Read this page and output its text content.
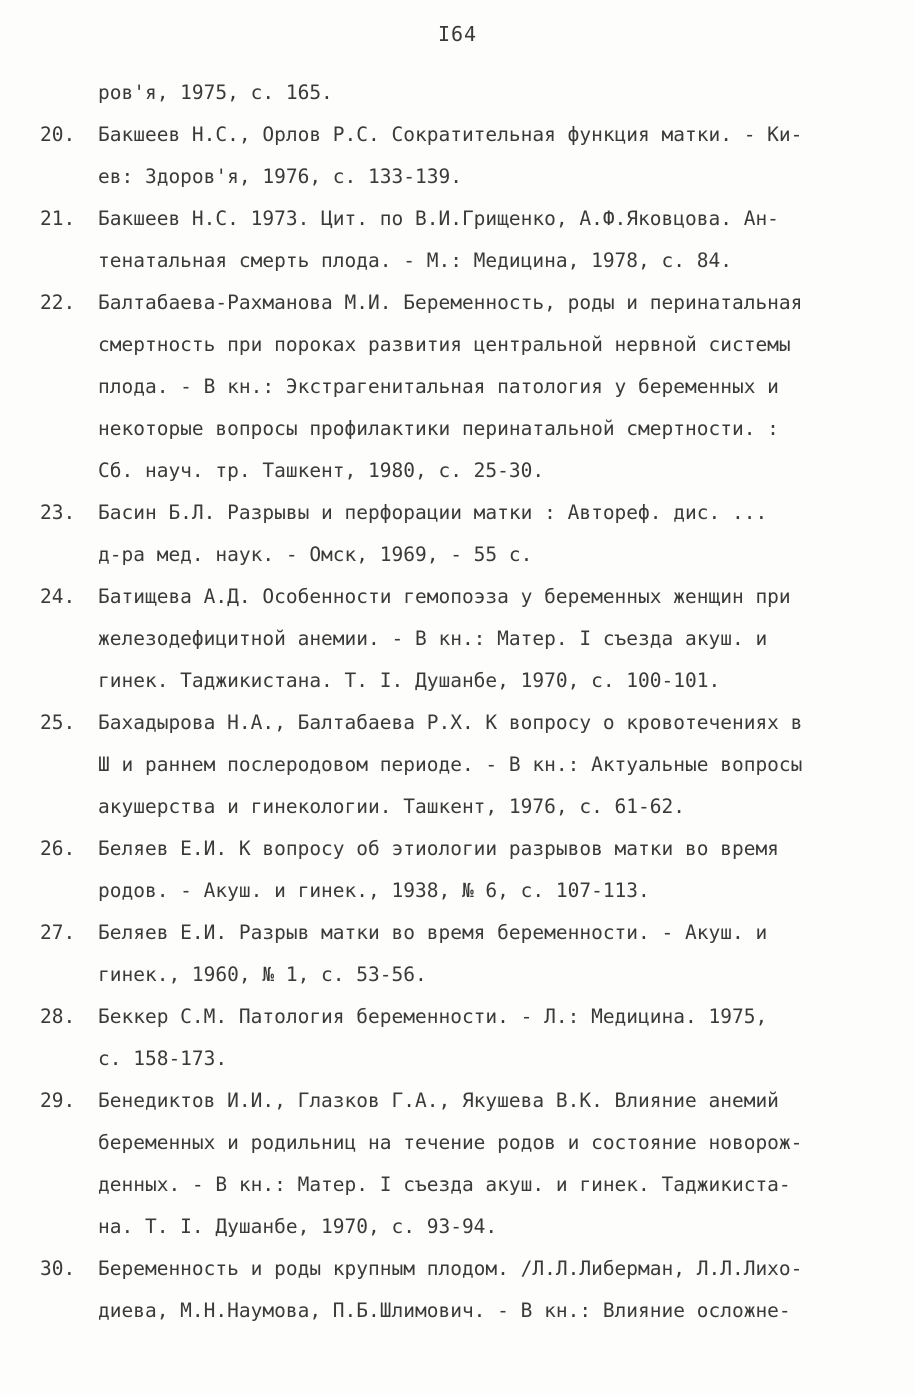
I64
ров'я, 1975, с. 165.
20.	Бакшеев Н.С., Орлов Р.С. Сократительная функция матки. - Ки-
ев: Здоров'я, 1976, с. 133-139.
21.	Бакшеев Н.С. 1973. Цит. по В.И.Грищенко, А.Ф.Яковцова. Ан-
тенатальная смерть плода. - М.: Медицина, 1978, с. 84.
22.	Балтабаева-Рахманова М.И. Беременность, роды и перинатальная
смертность при пороках развития центральной нервной системы
плода. - В кн.: Экстрагенитальная патология у беременных и
некоторые вопросы профилактики перинатальной смертности. :
Сб. науч. тр. Ташкент, 1980, с. 25-30.
23.	Басин Б.Л. Разрывы и перфорации матки : Автореф. дис. ...
д-ра мед. наук. - Омск, 1969, - 55 с.
24.	Батищева А.Д. Особенности гемопоэза у беременных женщин при
железодефицитной анемии. - В кн.: Матер. I съезда акуш. и
гинек. Таджикистана. Т. I. Душанбе, 1970, с. 100-101.
25.	Бахадырова Н.А., Балтабаева Р.Х. К вопросу о кровотечениях в
Ш и раннем послеродовом периоде. - В кн.: Актуальные вопросы
акушерства и гинекологии. Ташкент, 1976, с. 61-62.
26.	Беляев Е.И. К вопросу об этиологии разрывов матки во время
родов. - Акуш. и гинек., 1938, № 6, с. 107-113.
27.	Беляев Е.И. Разрыв матки во время беременности. - Акуш. и
гинек., 1960, № 1, с. 53-56.
28.	Беккер С.М. Патология беременности. - Л.: Медицина. 1975,
с. 158-173.
29.	Бенедиктов И.И., Глазков Г.А., Якушева В.К. Влияние анемий
беременных и родильниц на течение родов и состояние новорож-
денных. - В кн.: Матер. I съезда акуш. и гинек. Таджикиста-
на. Т. I. Душанбе, 1970, с. 93-94.
30.	Беременность и роды крупным плодом. /Л.Л.Либерман, Л.Л.Лихо-
диева, М.Н.Наумова, П.Б.Шлимович. - В кн.: Влияние осложне-
